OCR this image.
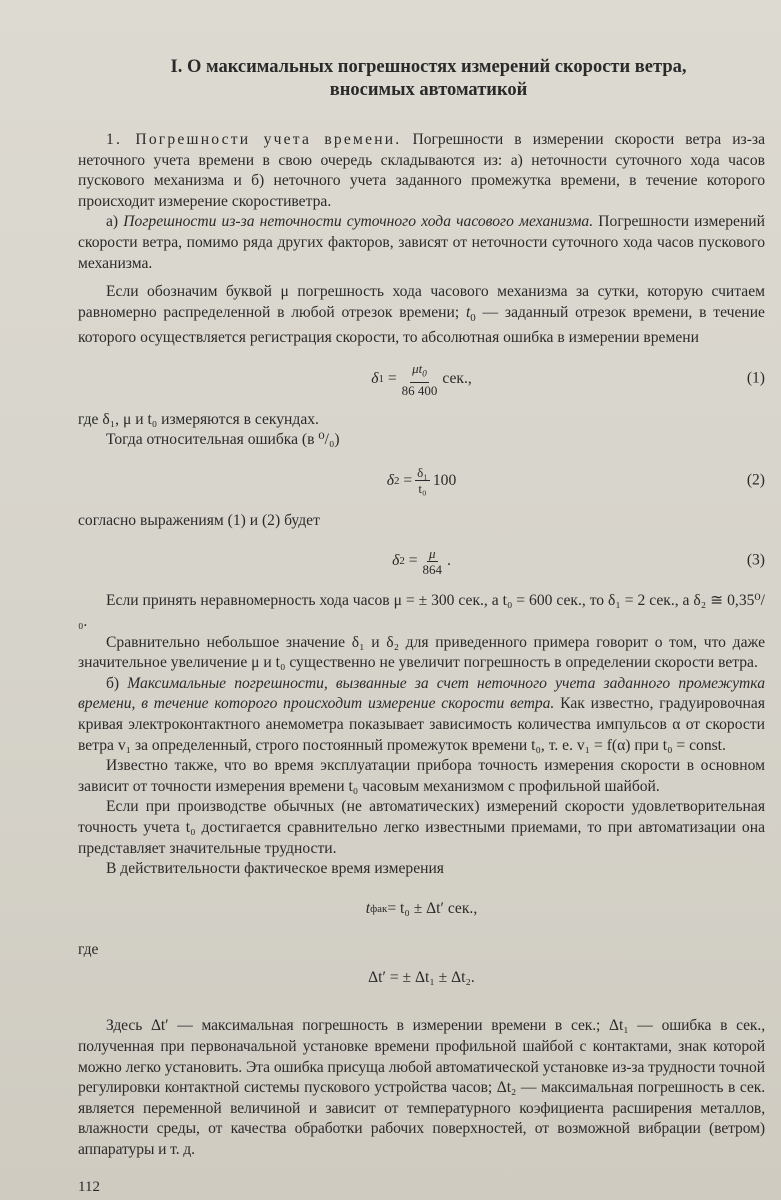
I. О максимальных погрешностях измерений скорости ветра,
вносимых автоматикой

1. Погрешности учета времени. Погрешности в измерении скорости ветра из-за неточного учета времени в свою очередь складываются из: а) неточности суточного хода часов пускового механизма и б) неточного учета заданного промежутка времени, в течение которого происходит измерение скоростиветра.

а) Погрешности из-за неточности суточного хода часового механизма. Погрешности измерений скорости ветра, помимо ряда других факторов, зависят от неточности суточного хода часов пускового механизма.

Если обозначим буквой μ погрешность хода часового механизма за сутки, которую считаем равномерно распределенной в любой отрезок времени; $t_0$ — заданный отрезок времени, в течение которого осуществляется регистрация скорости, то абсолютная ошибка в измерении времени

δ $1 = \frac{\mu t_0}{86 400}$ сек.,	(1)

где δ₁, μ и t₀ измеряются в секундах.

Тогда относительная ошибка (в ⁰/₀)

δ $2 = \frac{\text{δ₁}}{\text{t₀}} 100$	(2)

согласно выражениям (1) и (2) будет

δ $2 = \frac{\mu}{864}$ .	(3)

Если принять неравномерность хода часов μ = ± 300 сек., а t₀ = 600 сек., то δ₁ = 2 сек., а δ₂ ≅ 0,35⁰/₀.

Сравнительно небольшое значение δ₁ и δ₂ для приведенного примера говорит о том, что даже значительное увеличение μ и t₀ существенно не увеличит погрешность в определении скорости ветра.

б) Максимальные погрешности, вызванные за счет неточного учета заданного промежутка времени, в течение которого происходит измерение скорости ветра. Как известно, градуировочная кривая электроконтактного анемометра показывает зависимость количества импульсов α от скорости ветра v₁ за определенный, строго постоянный промежуток времени t₀, т. е. v₁ = f(α) при t₀ = const.

Известно также, что во время эксплуатации прибора точность измерения скорости в основном зависит от точности измерения времени t₀ часовым механизмом с профильной шайбой.

Если при производстве обычных (не автоматических) измерений скорости удовлетворительная точность учета t₀ достигается сравнительно легко известными приемами, то при автоматизации она представляет значительные трудности.

В действительности фактическое время измерения

t фак = t₀ ± Δt′ сек.,

где

Δt′ = ± Δt₁ ± Δt₂.

Здесь Δt′ — максимальная погрешность в измерении времени в сек.; Δt₁ — ошибка в сек., полученная при первоначальной установке времени профильной шайбой с контактами, знак которой можно легко установить. Эта ошибка присуща любой автоматической установке из-за трудности точной регулировки контактной системы пускового устройства часов; Δt₂ — максимальная погрешность в сек. является переменной величиной и зависит от температурного коэфициента расширения металлов, влажности среды, от качества обработки рабочих поверхностей, от возможной вибрации (ветром) аппаратуры и т. д.

112
